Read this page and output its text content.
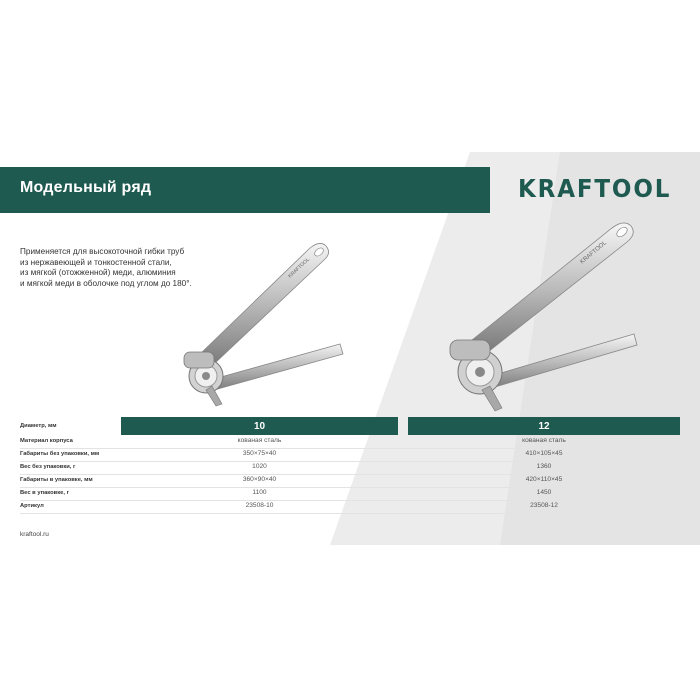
Модельный ряд	KRAFTOOL
Применяется для высокоточной гибки труб
из нержавеющей и тонкостенной стали,
из мягкой (отожженной) меди, алюминия
и мягкой меди в оболочке под углом до 180°.
KRAFTOOL
KRAFTOOL
Диаметр, мм	10	12
Материал корпуса	кованая сталь	кованая сталь
Габариты без упаковки, мм	350×75×40	410×105×45
Вес без упаковки, г	1020	1360
Габариты в упаковке, мм	360×90×40	420×110×45
Вес в упаковке, г	1100	1450
Артикул	23508-10	23508-12
kraftool.ru
